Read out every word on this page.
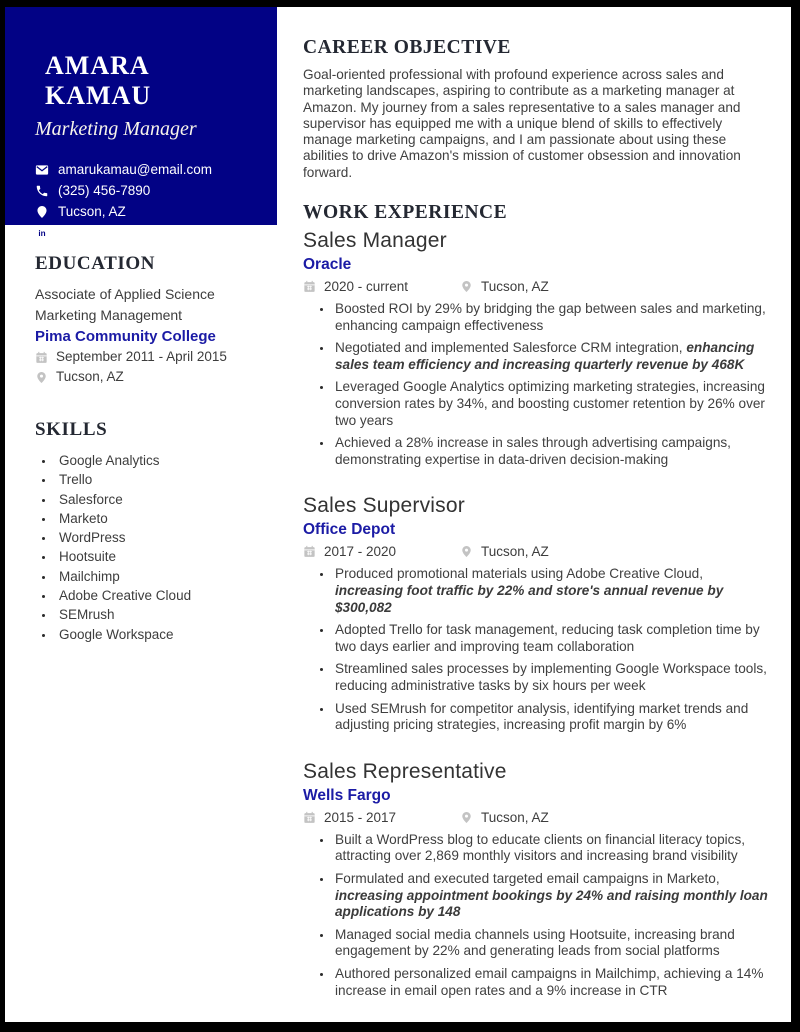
AMARA KAMAU
Marketing Manager
amarukamau@email.com
(325) 456-7890
Tucson, AZ
in LinkedIn
EDUCATION
Associate of Applied Science
Marketing Management
Pima Community College
September 2011 - April 2015
Tucson, AZ
SKILLS
• Google Analytics
• Trello
• Salesforce
• Marketo
• WordPress
• Hootsuite
• Mailchimp
• Adobe Creative Cloud
• SEMrush
• Google Workspace
CAREER OBJECTIVE

Goal-oriented professional with profound experience across sales and marketing landscapes, aspiring to contribute as a marketing manager at Amazon. My journey from a sales representative to a sales manager and supervisor has equipped me with a unique blend of skills to effectively manage marketing campaigns, and I am passionate about using these abilities to drive Amazon's mission of customer obsession and innovation forward.

WORK EXPERIENCE
Sales Manager
Oracle
2020 - current	Tucson, AZ
• Boosted ROI by 29% by bridging the gap between sales and marketing, enhancing campaign effectiveness
• Negotiated and implemented Salesforce CRM integration, enhancing sales team efficiency and increasing quarterly revenue by 468K
• Leveraged Google Analytics optimizing marketing strategies, increasing conversion rates by 34%, and boosting customer retention by 26% over two years
• Achieved a 28% increase in sales through advertising campaigns, demonstrating expertise in data-driven decision-making
Sales Supervisor
Office Depot
2017 - 2020	Tucson, AZ
• Produced promotional materials using Adobe Creative Cloud, increasing foot traffic by 22% and store's annual revenue by $300,082
• Adopted Trello for task management, reducing task completion time by two days earlier and improving team collaboration
• Streamlined sales processes by implementing Google Workspace tools, reducing administrative tasks by six hours per week
• Used SEMrush for competitor analysis, identifying market trends and adjusting pricing strategies, increasing profit margin by 6%
Sales Representative
Wells Fargo
2015 - 2017	Tucson, AZ
• Built a WordPress blog to educate clients on financial literacy topics, attracting over 2,869 monthly visitors and increasing brand visibility
• Formulated and executed targeted email campaigns in Marketo, increasing appointment bookings by 24% and raising monthly loan applications by 148
• Managed social media channels using Hootsuite, increasing brand engagement by 22% and generating leads from social platforms
• Authored personalized email campaigns in Mailchimp, achieving a 14% increase in email open rates and a 9% increase in CTR
